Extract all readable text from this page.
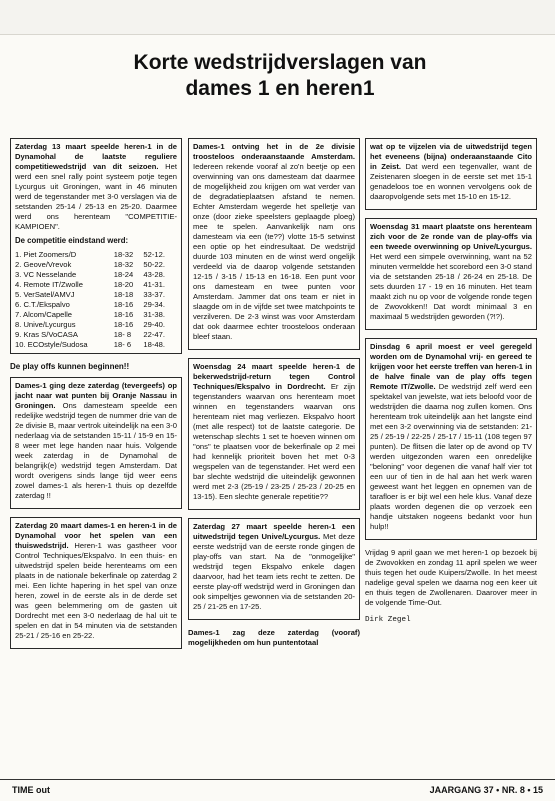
Korte wedstrijdverslagen van
dames 1 en heren1

Zaterdag 13 maart speelde heren-1 in de Dynamohal de laatste reguliere competitiewedstrijd van dit seizoen. Het werd een snel rally point systeem potje tegen Lycurgus uit Groningen, want in 46 minuten werd de tegenstander met 3-0 verslagen via de setstanden 25-14 / 25-13 en 25-20. Daarmee werd ons herenteam "COMPETITIE-KAMPIOEN".

De competitie eindstand werd:
1. Piet Zoomers/D	18-32	52-12.
2. Geove/Vrevok	18-32	50-22.
3. VC Nesselande	18-24	43-28.
4. Remote IT/Zwolle	18-20	41-31.
5. VerSatel/AMVJ	18-18	33-37.
6. C.T./Ekspalvo	18-16	29-34.
7. Alcom/Capelle	18-16	31-38.
8. Unive/Lycurgus	18-16	29-40.
9. Kras S/VoCASA	18- 8	22-47.
10. ECOstyle/Sudosa	18- 6	18-48.
De play offs kunnen beginnen!!

Dames-1 ging deze zaterdag (tevergeefs) op jacht naar wat punten bij Oranje Nassau in Groningen. Ons damesteam speelde een redelijke wedstrijd tegen de nummer drie van de 2e divisie B, maar vertrok uiteindelijk na een 3-0 nederlaag via de setstanden 15-11 / 15-9 en 15-8 weer met lege handen naar huis. Volgende week zaterdag in de Dynamohal de belangrijk(e) wedstrijd tegen Amsterdam. Dat wordt overigens sinds lange tijd weer eens zowel dames-1 als heren-1 thuis op dezelfde zaterdag !!

Zaterdag 20 maart dames-1 en heren-1 in de Dynamohal voor het spelen van een thuiswedstrijd. Heren-1 was gastheer voor Control Techniques/Ekspalvo. In een thuis- en uitwedstrijd spelen beide herenteams om een plaats in de nationale bekerfinale op zaterdag 2 mei. Een lichte hapering in het spel van onze heren, zowel in de eerste als in de derde set was geen belemmering om de gasten uit Dordrecht met een 3-0 nederlaag de hal uit te spelen en dat in 54 minuten via de setstanden 25-21 / 25-16 en 25-22.

Dames-1 ontving het in de 2e divisie troosteloos onderaanstaande Amsterdam. Iedereen rekende vooraf al zo'n beetje op een overwinning van ons damesteam dat daarmee de mogelijkheid zou krijgen om wat verder van de degradatieplaatsen afstand te nemen. Echter Amsterdam wegerde het spelletje van onze (door zieke speelsters geplaagde ploeg) mee te spelen. Aanvankelijk nam ons damesteam via een (te??) vlotte 15-5 setwinst een optie op het eindresultaat. De wedstrijd duurde 103 minuten en de winst werd ongelijk verdeeld via de daarop volgende setstanden 12-15 / 3-15 / 15-13 en 16-18. Een punt voor ons damesteam en twee punten voor Amsterdam. Jammer dat ons team er niet in slaagde om in de vijfde set twee matchpoints te verzilveren. De 2-3 winst was voor Amsterdam dat ook daarmee echter troosteloos onderaan bleef staan.

Woensdag 24 maart speelde heren-1 de bekerwedstrijd-return tegen Control Techniques/Ekspalvo in Dordrecht. Er zijn tegenstanders waarvan ons herenteam moet winnen en tegenstanders waarvan ons herenteam niet mag verliezen. Ekspalvo hoort (met alle respect) tot de laatste categorie. De wetenschap slechts 1 set te hoeven winnen om "ons" te plaatsen voor de bekerfinale op 2 mei had kennelijk prioriteit boven het met 0-3 wegspelen van de tegenstander. Het werd een bar slechte wedstrijd die uiteindelijk gewonnen werd met 2-3 (25-19 / 23-25 / 25-23 / 20-25 en 13-15). Een slechte generale repetitie??

Zaterdag 27 maart speelde heren-1 een uitwedstrijd tegen Unive/Lycurgus. Met deze eerste wedstrijd van de eerste ronde gingen de play-offs van start. Na de "onmogelijke" wedstrijd tegen Ekspalvo enkele dagen daarvoor, had het team iets recht te zetten. De eerste play-off wedstrijd werd in Groningen dan ook simpeltjes gewonnen via de setstanden 20-25 / 21-25 en 17-25.

Dames-1 zag deze zaterdag (vooraf) mogelijkheden om hun puntentotaal

wat op te vijzelen via de uitwedstrijd tegen het eveneens (bijna) onderaanstaande Cito in Zeist. Dat werd een tegenvaller, want de Zeistenaren sloegen in de eerste set met 15-1 genadeloos toe en wonnen vervolgens ook de daaropvolgende sets met 15-10 en 15-12.

Woensdag 31 maart plaatste ons herenteam zich voor de 2e ronde van de play-offs via een tweede overwinning op Unive/Lycurgus. Het werd een simpele overwinning, want na 52 minuten vermeldde het scorebord een 3-0 stand via de setstanden 25-18 / 26-24 en 25-18. De sets duurden 17 - 19 en 16 minuten. Het team maakt zich nu op voor de volgende ronde tegen de Zwovokken!! Dat wordt minimaal 3 en maximaal 5 wedstrijden geworden (?!?).

Dinsdag 6 april moest er veel geregeld worden om de Dynamohal vrij- en gereed te krijgen voor het eerste treffen van heren-1 in de halve finale van de play offs tegen Remote IT/Zwolle. De wedstrijd zelf werd een spektakel van jewelste, wat iets beloofd voor de wedstrijden die daarna nog zullen komen. Ons herenteam trok uiteindelijk aan het langste eind met een 3-2 overwinning via de setstanden: 21-25 / 25-19 / 22-25 / 25-17 / 15-11 (108 tegen 97 punten). De flitsen die later op de avond op TV werden uitgezonden waren een onredelijke "beloning" voor degenen die vanaf half vier tot een uur of tien in de hal aan het werk waren geweest want het leggen en opnemen van de tarafloer is er bijt wel een hele klus. Vanaf deze plaats worden degenen die op verzoek een handje uitstaken nogeens bedankt voor hun hulp!!

Vrijdag 9 april gaan we met heren-1 op bezoek bij de Zwovokken en zondag 11 april spelen we weer thuis tegen het oude Kuipers/Zwolle. In het meest nadelige geval spelen we daarna nog een keer uit en thuis tegen de Zwollenaren. Daarover meer in de volgende Time-Out.

Dirk Zegel
TIME out	JAARGANG 37 • NR. 8 • 15
